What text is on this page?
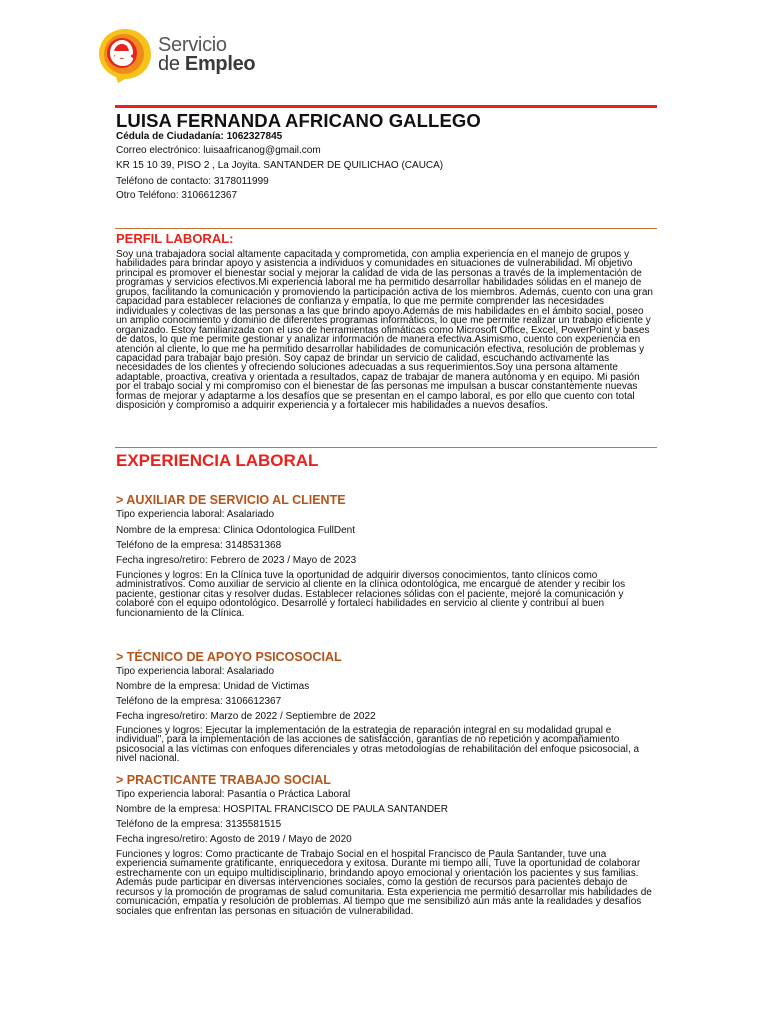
Servicio
de Empleo
LUISA FERNANDA AFRICANO GALLEGO
Cédula de Ciudadanía: 1062327845
Correo electrónico: luisaafricanog@gmail.com
KR 15 10 39, PISO 2 , La Joyita. SANTANDER DE QUILICHAO (CAUCA)
Teléfono de contacto: 3178011999
Otro Teléfono: 3106612367
PERFIL LABORAL:
Soy una trabajadora social altamente capacitada y comprometida, con amplia experiencia en el manejo de grupos y habilidades para brindar apoyo y asistencia a individuos y comunidades en situaciones de vulnerabilidad. Mi objetivo principal es promover el bienestar social y mejorar la calidad de vida de las personas a través de la implementación de programas y servicios efectivos.Mi experiencia laboral me ha permitido desarrollar habilidades sólidas en el manejo de grupos, facilitando la comunicación y promoviendo la participación activa de los miembros. Además, cuento con una gran capacidad para establecer relaciones de confianza y empatía, lo que me permite comprender las necesidades individuales y colectivas de las personas a las que brindo apoyo.Además de mis habilidades en el ámbito social, poseo un amplio conocimiento y dominio de diferentes programas informáticos, lo que me permite realizar un trabajo eficiente y organizado. Estoy familiarizada con el uso de herramientas ofimáticas como Microsoft Office, Excel, PowerPoint y bases de datos, lo que me permite gestionar y analizar información de manera efectiva.Asimismo, cuento con experiencia en atención al cliente, lo que me ha permitido desarrollar habilidades de comunicación efectiva, resolución de problemas y capacidad para trabajar bajo presión. Soy capaz de brindar un servicio de calidad, escuchando activamente las necesidades de los clientes y ofreciendo soluciones adecuadas a sus requerimientos.Soy una persona altamente adaptable, proactiva, creativa y orientada a resultados, capaz de trabajar de manera autónoma y en equipo. Mi pasión por el trabajo social y mi compromiso con el bienestar de las personas me impulsan a buscar constantemente nuevas formas de mejorar y adaptarme a los desafíos que se presentan en el campo laboral, es por ello que cuento con total disposición y compromiso a adquirir experiencia y a fortalecer mis habilidades a nuevos desafíos.
EXPERIENCIA LABORAL
> AUXILIAR DE SERVICIO AL CLIENTE
Tipo experiencia laboral: Asalariado
Nombre de la empresa: Clinica Odontologica FullDent
Teléfono de la empresa: 3148531368
Fecha ingreso/retiro: Febrero de 2023 / Mayo de 2023
Funciones y logros: En la Clínica tuve la oportunidad de adquirir diversos conocimientos, tanto clínicos como administrativos. Como auxiliar de servicio al cliente en la clínica odontológica, me encargué de atender y recibir los paciente, gestionar citas y resolver dudas. Establecer relaciones sólidas con el paciente, mejoré la comunicación y colaboré con el equipo odontológico. Desarrollé y fortalecí habilidades en servicio al cliente y contribuí al buen funcionamiento de la Clínica.
> TÉCNICO DE APOYO PSICOSOCIAL
Tipo experiencia laboral: Asalariado
Nombre de la empresa: Unidad de Victimas
Teléfono de la empresa: 3106612367
Fecha ingreso/retiro: Marzo de 2022 / Septiembre de 2022
Funciones y logros: Ejecutar la implementación de la estrategia de reparación integral en su modalidad grupal e individual", para la implementación de las acciones de satisfacción, garantías de no repetición y acompañamiento psicosocial a las víctimas con enfoques diferenciales y otras metodologías de rehabilitación del enfoque psicosocial, a nivel nacional.
> PRACTICANTE TRABAJO SOCIAL
Tipo experiencia laboral: Pasantía o Práctica Laboral
Nombre de la empresa: HOSPITAL FRANCISCO DE PAULA SANTANDER
Teléfono de la empresa: 3135581515
Fecha ingreso/retiro: Agosto de 2019 / Mayo de 2020
Funciones y logros: Como practicante de Trabajo Social en el hospital Francisco de Paula Santander, tuve una experiencia sumamente gratificante, enriquecedora y exitosa. Durante mi tiempo allí, Tuve la oportunidad de colaborar estrechamente con un equipo multidisciplinario, brindando apoyo emocional y orientación los pacientes y sus familias. Además pude participar en diversas intervenciones sociales, como la gestión de recursos para pacientes debajo de recursos y la promoción de programas de salud comunitaria. Esta experiencia me permitió desarrollar mis habilidades de comunicación, empatía y resolución de problemas. Al tiempo que me sensibilizó aún más ante la realidades y desafíos sociales que enfrentan las personas en situación de vulnerabilidad.
